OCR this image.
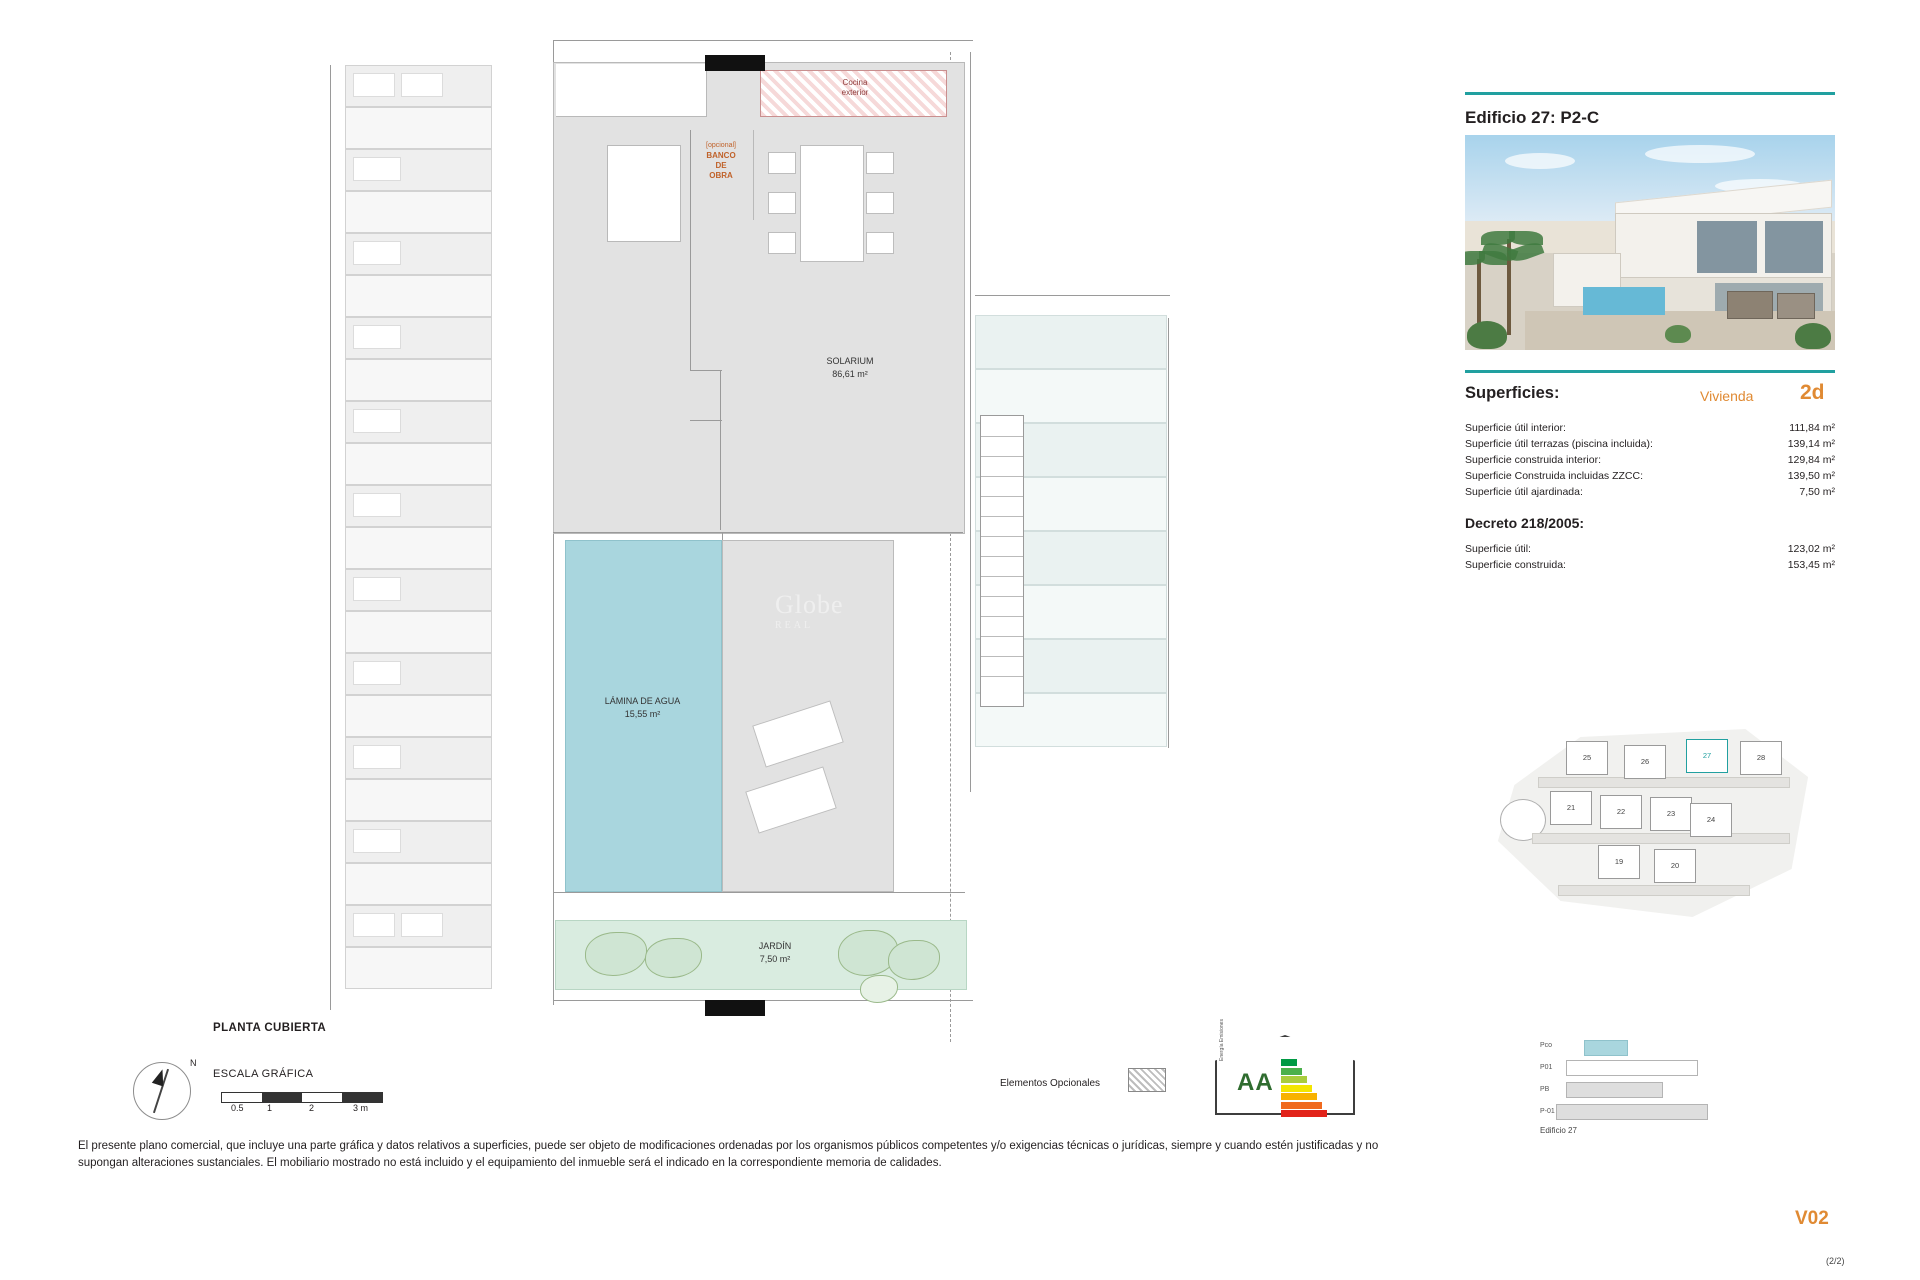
Cocina
exterior
[opcional]
BANCO
DE
OBRA
SOLARIUM
86,61 m²
LÁMINA DE AGUA
15,55 m²
JARDÍN
7,50 m²
Globe
REAL
PLANTA CUBIERTA
N
ESCALA GRÁFICA
0.5	1	2	3 m
Elementos Opcionales
Energía Emisiones
AA
El presente plano comercial, que incluye una parte gráfica y datos relativos a superficies, puede ser objeto de modificaciones ordenadas por los organismos públicos competentes y/o exigencias técnicas o jurídicas, siempre y cuando estén justificadas y no supongan alteraciones sustanciales. El mobiliario mostrado no está incluido y el equipamiento del inmueble será el indicado en la correspondiente memoria de calidades.
Edificio 27: P2-C
Superficies:	Vivienda 2d
Superficie útil interior:	111,84 m²
Superficie útil terrazas (piscina incluida):	139,14 m²
Superficie construida interior:	129,84 m²
Superficie Construida incluidas ZZCC:	139,50 m²
Superficie útil ajardinada:	7,50 m²
Decreto 218/2005:
Superficie útil:	123,02 m²
Superficie construida:	153,45 m²
25	26
27	28
21	22	23
24
19	20
Pco
P01
PB
P-01
Edificio 27
V02
(2/2)
